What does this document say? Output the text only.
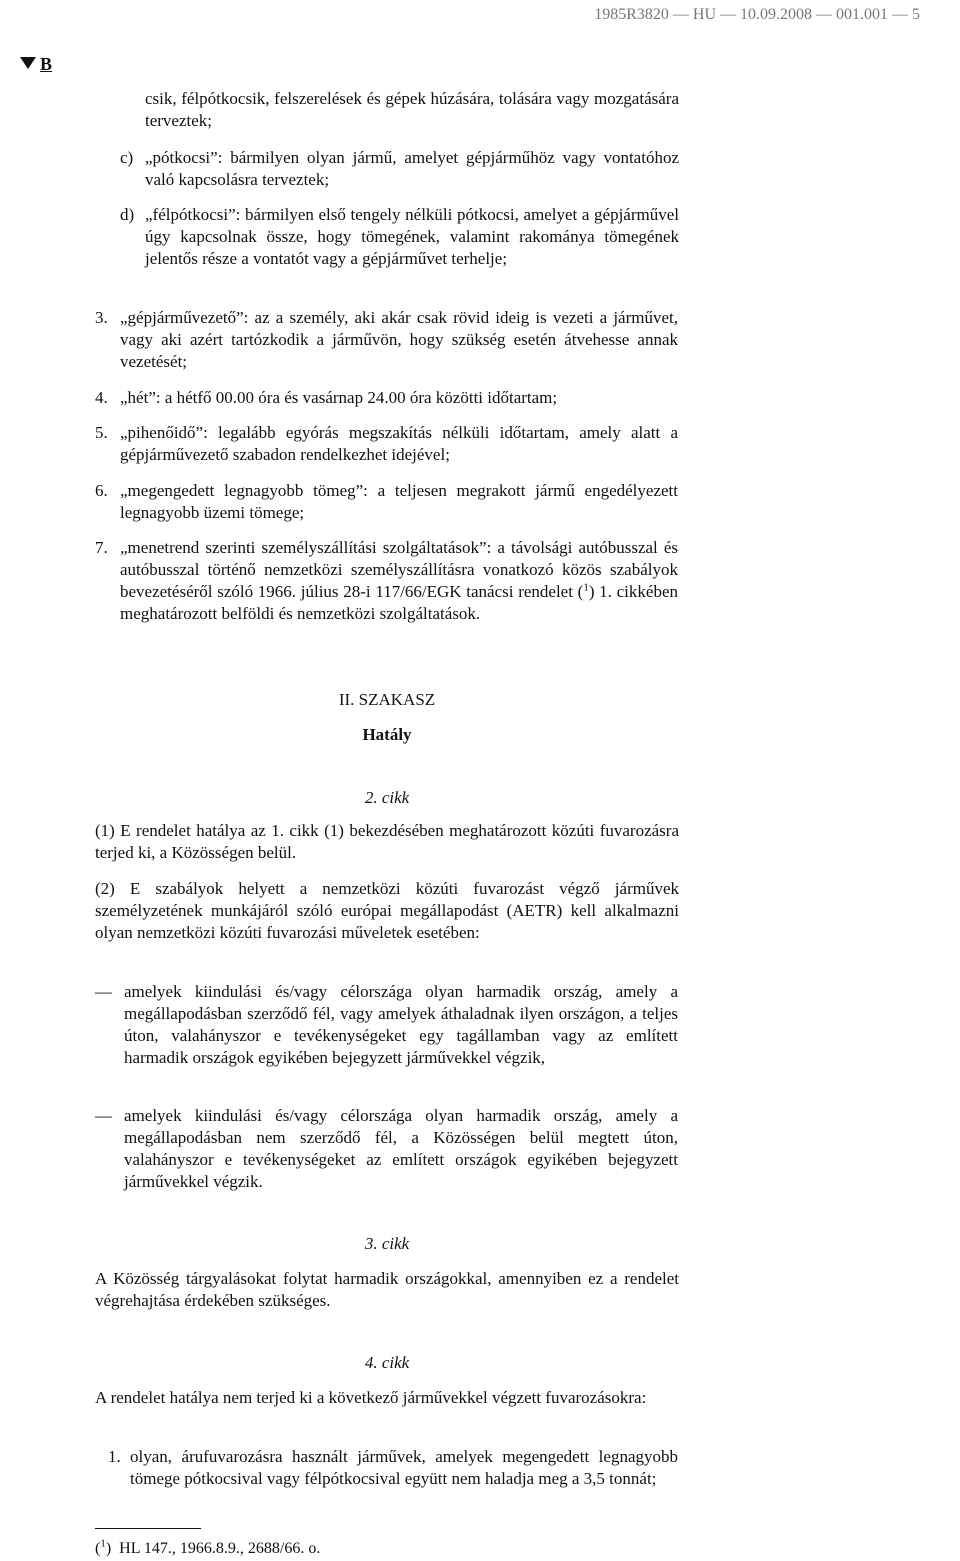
1985R3820 — HU — 10.09.2008 — 001.001 — 5
B
csik, félpótkocsik, felszerelések és gépek húzására, tolására vagy mozgatására terveztek;
c) „pótkocsi”: bármilyen olyan jármű, amelyet gépjárműhöz vagy vontatóhoz való kapcsolásra terveztek;
d) „félpótkocsi”: bármilyen első tengely nélküli pótkocsi, amelyet a gépjárművel úgy kapcsolnak össze, hogy tömegének, valamint rakománya tömegének jelentős része a vontatót vagy a gépjárművet terhelje;
3. „gépjárművezető”: az a személy, aki akár csak rövid ideig is vezeti a járművet, vagy aki azért tartózkodik a járművön, hogy szükség esetén átvehesse annak vezetését;
4. „hét”: a hétfő 00.00 óra és vasárnap 24.00 óra közötti időtartam;
5. „pihenőidő”: legalább egyórás megszakítás nélküli időtartam, amely alatt a gépjárművezető szabadon rendelkezhet idejével;
6. „megengedett legnagyobb tömeg”: a teljesen megrakott jármű engedélyezett legnagyobb üzemi tömege;
7. „menetrend szerinti személyszállítási szolgáltatások”: a távolsági autóbusszal és autóbusszal történő nemzetközi személyszállításra vonatkozó közös szabályok bevezetéséről szóló 1966. július 28-i 117/66/EGK tanácsi rendelet ($^1$) 1. cikkében meghatározott belföldi és nemzetközi szolgáltatások.
II. SZAKASZ
Hatály
2. cikk
(1) E rendelet hatálya az 1. cikk (1) bekezdésében meghatározott közúti fuvarozásra terjed ki, a Közösségen belül.
(2) E szabályok helyett a nemzetközi közúti fuvarozást végző járművek személyzetének munkájáról szóló európai megállapodást (AETR) kell alkalmazni olyan nemzetközi közúti fuvarozási műveletek esetében:
— amelyek kiindulási és/vagy célországa olyan harmadik ország, amely a megállapodásban szerződő fél, vagy amelyek áthaladnak ilyen országon, a teljes úton, valahányszor e tevékenységeket egy tagállamban vagy az említett harmadik országok egyikében bejegyzett járművekkel végzik,
— amelyek kiindulási és/vagy célországa olyan harmadik ország, amely a megállapodásban nem szerződő fél, a Közösségen belül megtett úton, valahányszor e tevékenységeket az említett országok egyikében bejegyzett járművekkel végzik.
3. cikk
A Közösség tárgyalásokat folytat harmadik országokkal, amennyiben ez a rendelet végrehajtása érdekében szükséges.
4. cikk
A rendelet hatálya nem terjed ki a következő járművekkel végzett fuvarozásokra:
1. olyan, árufuvarozásra használt járművek, amelyek megengedett legnagyobb tömege pótkocsival vagy félpótkocsival együtt nem haladja meg a 3,5 tonnát;
($^1$)  HL 147., 1966.8.9., 2688/66. o.
